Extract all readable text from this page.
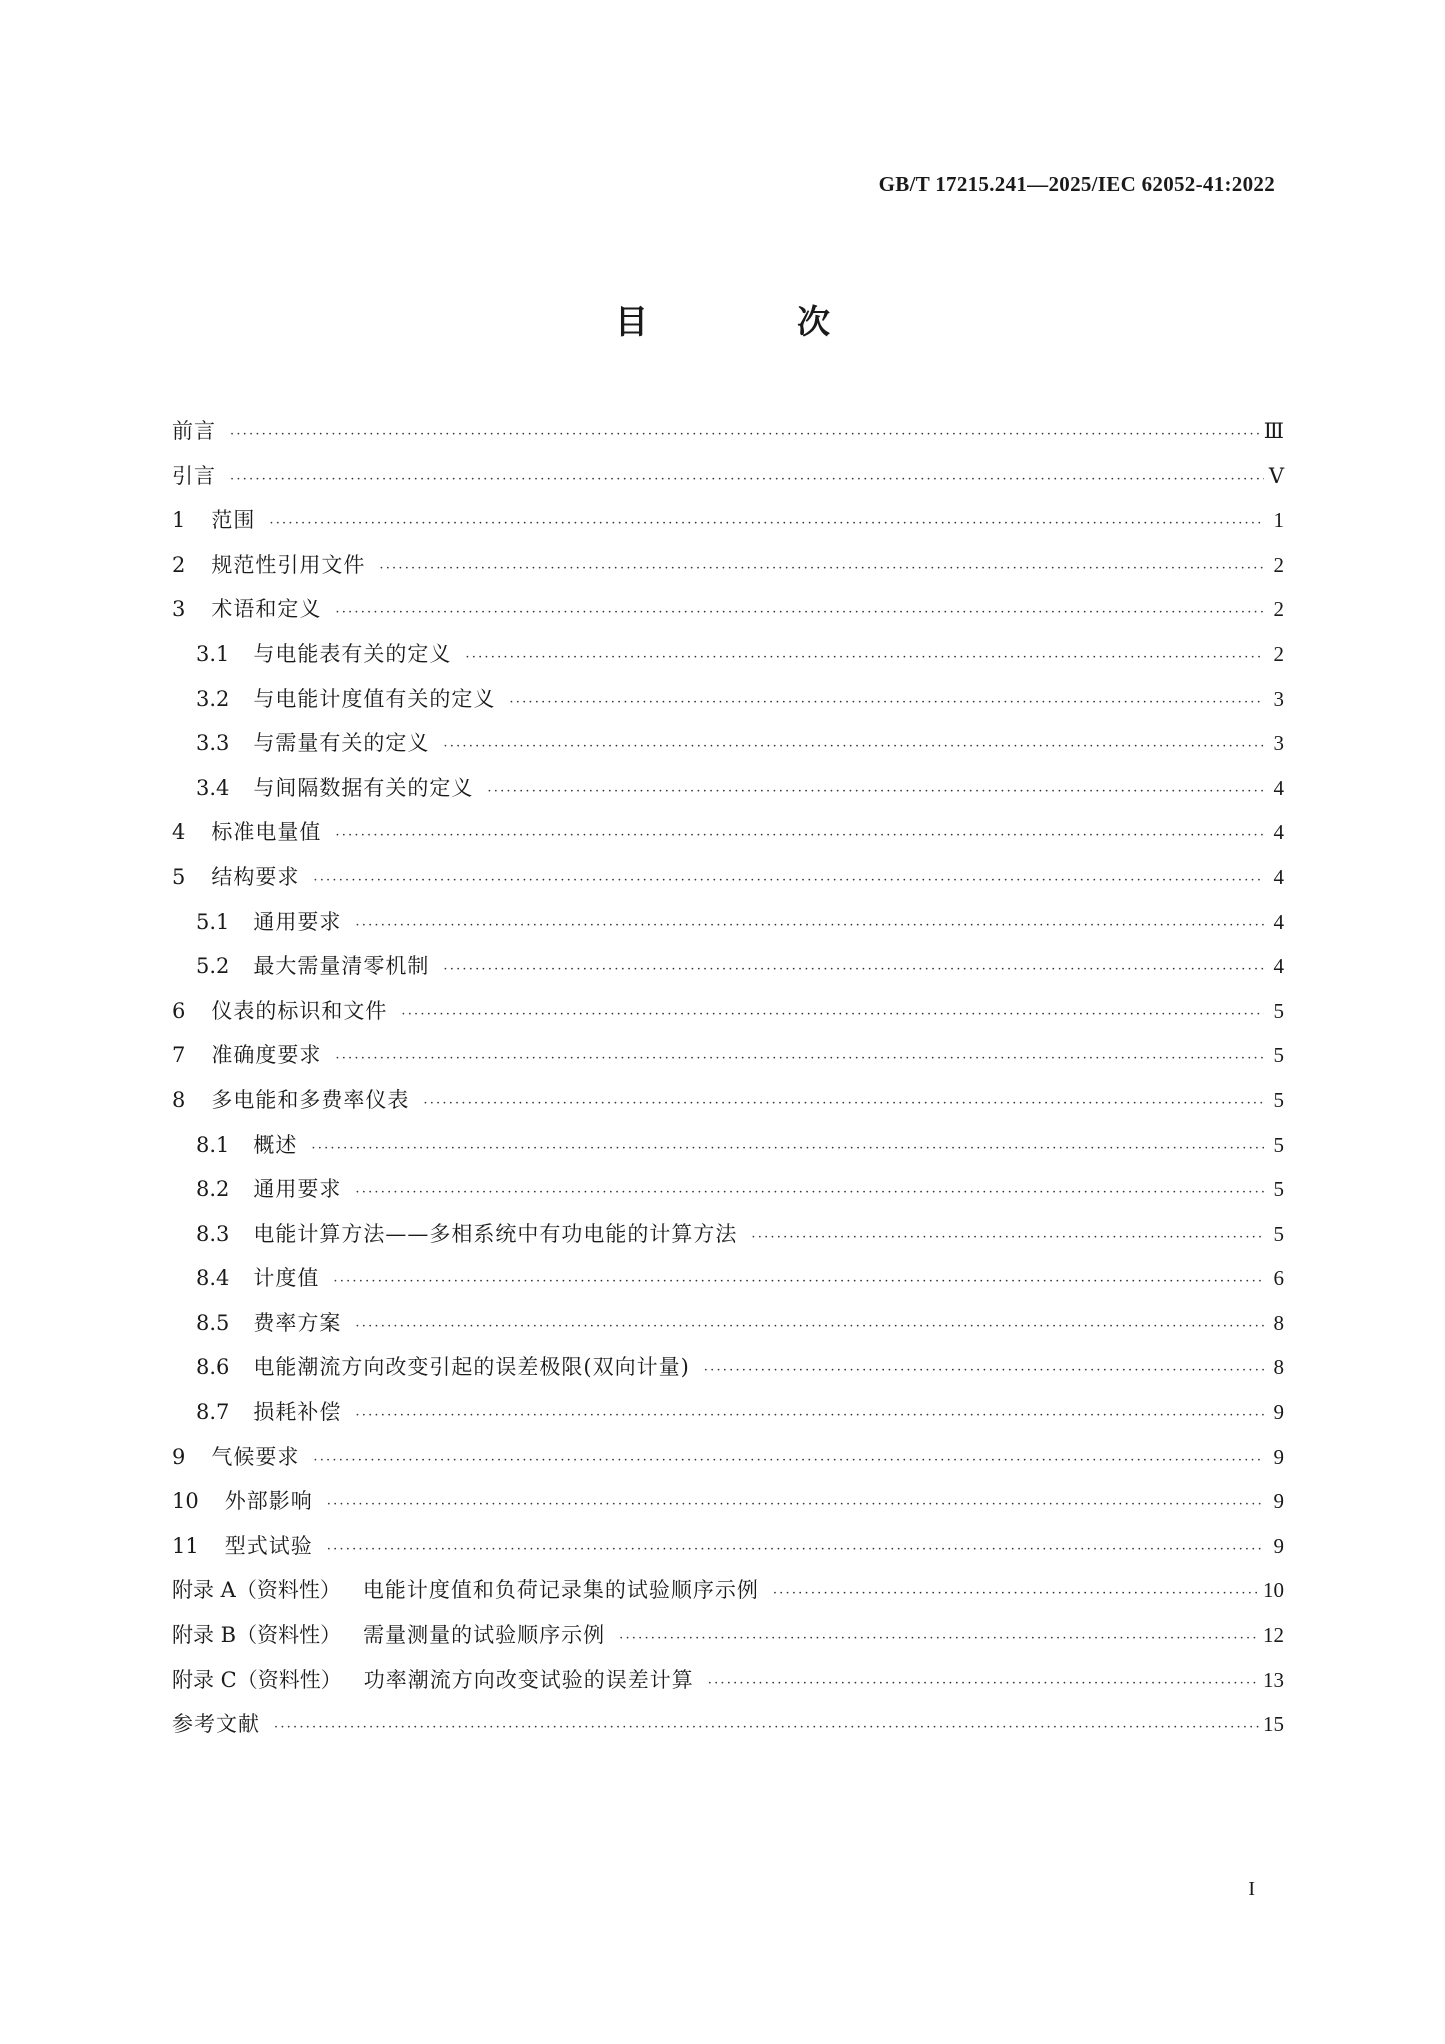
GB/T 17215.241—2025/IEC 62052-41:2022
目　次
前言 ·····	Ⅲ
引言 ·····	Ⅴ
1 范围 ·····	1
2 规范性引用文件 ·····	2
3 术语和定义 ·····	2
3.1 与电能表有关的定义 ·····	2
3.2 与电能计度值有关的定义 ·····	3
3.3 与需量有关的定义 ·····	3
3.4 与间隔数据有关的定义 ·····	4
4 标准电量值 ·····	4
5 结构要求 ·····	4
5.1 通用要求 ·····	4
5.2 最大需量清零机制 ·····	4
6 仪表的标识和文件 ·····	5
7 准确度要求 ·····	5
8 多电能和多费率仪表 ·····	5
8.1 概述 ·····	5
8.2 通用要求 ·····	5
8.3 电能计算方法——多相系统中有功电能的计算方法 ·····	5
8.4 计度值 ·····	6
8.5 费率方案 ·····	8
8.6 电能潮流方向改变引起的误差极限(双向计量) ·····	8
8.7 损耗补偿 ·····	9
9 气候要求 ·····	9
10 外部影响 ·····	9
11 型式试验 ·····	9
附录 A（资料性） 电能计度值和负荷记录集的试验顺序示例 ·····	10
附录 B（资料性） 需量测量的试验顺序示例 ·····	12
附录 C（资料性） 功率潮流方向改变试验的误差计算 ·····	13
参考文献 ·····	15
I
